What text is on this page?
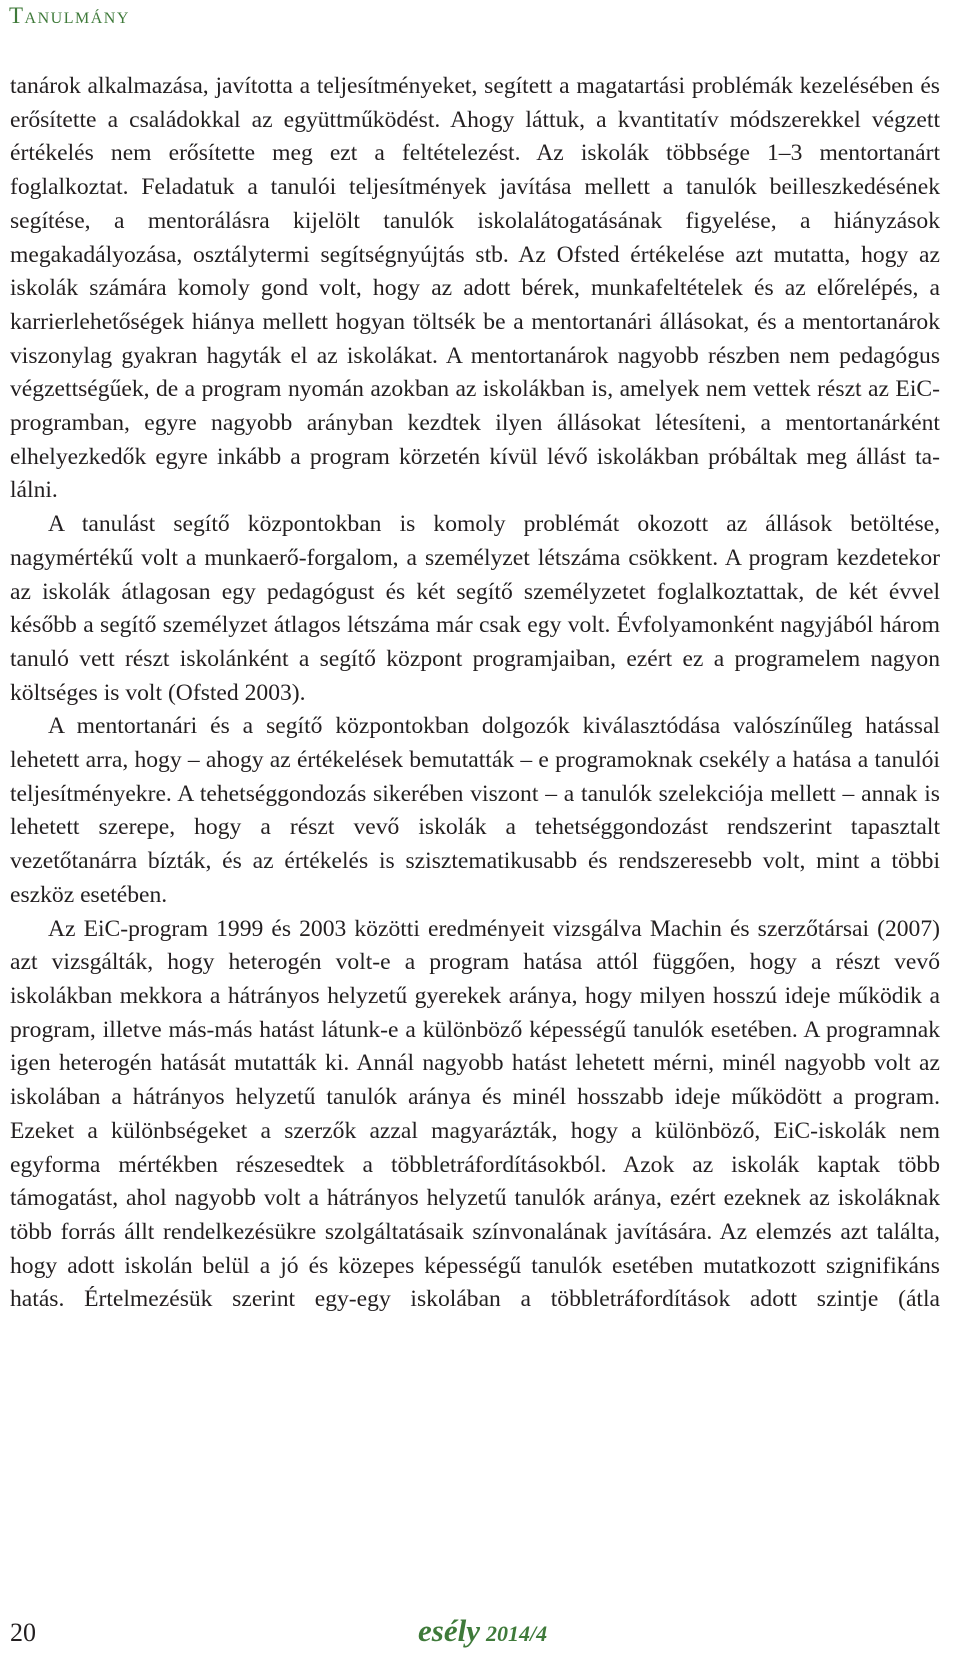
Tanulmány

tanárok alkalmazása, javította a teljesítményeket, segített a magatartási problémák kezelésében és erősítette a családokkal az együttműködést. Ahogy láttuk, a kvantitatív módszerekkel végzett értékelés nem erősítette meg ezt a feltételezést. Az iskolák többsége 1–3 mentortanárt foglalkoztat. Feladatuk a tanulói teljesítmények javítása mellett a tanulók beilleszkedésének segítése, a mentorálásra kijelölt tanulók iskolalátogatásának figyelése, a hiányzások megakadályozása, osztálytermi segítségnyújtás stb. Az Ofsted értékelése azt mutatta, hogy az iskolák számára komoly gond volt, hogy az adott bérek, munkafeltételek és az előrelépés, a karrierlehetőségek hiánya mellett hogyan töltsék be a mentortanári állásokat, és a mentortanárok viszonylag gyakran hagyták el az iskolákat. A mentortanárok nagyobb részben nem pedagógus végzettségűek, de a program nyomán azokban az iskolákban is, amelyek nem vettek részt az EiC-programban, egyre nagyobb arányban kezdtek ilyen állásokat létesíteni, a mentortanárként elhelyezkedők egyre inkább a program körzetén kívül lévő iskolákban próbáltak meg állást találni.

A tanulást segítő központokban is komoly problémát okozott az állások betöltése, nagymértékű volt a munkaerő-forgalom, a személyzet létszáma csökkent. A program kezdetekor az iskolák átlagosan egy pedagógust és két segítő személyzetet foglalkoztattak, de két évvel később a segítő személyzet átlagos létszáma már csak egy volt. Évfolyamonként nagyjából három tanuló vett részt iskolánként a segítő központ programjaiban, ezért ez a programelem nagyon költséges is volt (Ofsted 2003).

A mentortanári és a segítő központokban dolgozók kiválasztódása valószínűleg hatással lehetett arra, hogy – ahogy az értékelések bemutatták – e programoknak csekély a hatása a tanulói teljesítményekre. A tehetséggondozás sikerében viszont – a tanulók szelekciója mellett – annak is lehetett szerepe, hogy a részt vevő iskolák a tehetséggondozást rendszerint tapasztalt vezetőtanárra bízták, és az értékelés is szisztematikusabb és rendszeresebb volt, mint a többi eszköz esetében.

Az EiC-program 1999 és 2003 közötti eredményeit vizsgálva Machin és szerzőtársai (2007) azt vizsgálták, hogy heterogén volt-e a program hatása attól függően, hogy a részt vevő iskolákban mekkora a hátrányos helyzetű gyerekek aránya, hogy milyen hosszú ideje működik a program, illetve más-más hatást látunk-e a különböző képességű tanulók esetében. A programnak igen heterogén hatását mutatták ki. Annál nagyobb hatást lehetett mérni, minél nagyobb volt az iskolában a hátrányos helyzetű tanulók aránya és minél hosszabb ideje működött a program. Ezeket a különbségeket a szerzők azzal magyarázták, hogy a különböző, EiC-iskolák nem egyforma mértékben részesedtek a többletráfordításokból. Azok az iskolák kaptak több támogatást, ahol nagyobb volt a hátrányos helyzetű tanulók aránya, ezért ezeknek az iskoláknak több forrás állt rendelkezésükre szolgáltatásaik színvonalának javítására. Az elemzés azt találta, hogy adott iskolán belül a jó és közepes képességű tanulók esetében mutatkozott szignifikáns hatás. Értelmezésük szerint egy-egy iskolában a többletráfordítások adott szintje (átla

20	esély 2014/4
